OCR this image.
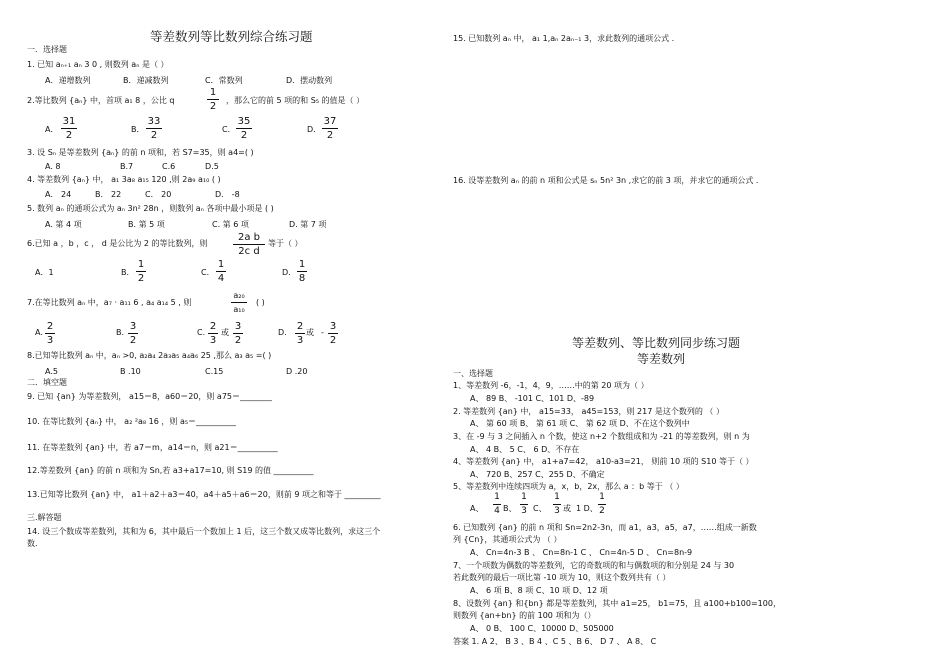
等差数列等比数列综合练习题
一．选择题
1. 已知 aₙ₊₁ aₙ 3 0 , 则数列 aₙ 是（ ）
A．递增数列	B．递减数列	C．常数列	D．摆动数列
2.等比数列 {aₙ} 中，首项 a₁ 8 ，公比 q
1
2
，那么它的前 5 项的和 S₅ 的值是（ ）
A．
31
2
B．
33
2
C．
35
2
D．
37
2
3. 设 Sₙ 是等差数列 {aₙ} 的前 n 项和，若 S7=35，则 a4=( )
A. 8	B.7	C.6	D.5
4. 等差数列 {aₙ} 中， a₁ 3a₈ a₁₅ 120 ,则 2a₉ a₁₀ ( )
A． 24	B． 22	C． 20	D． -8
5. 数列 aₙ 的通项公式为 aₙ 3n² 28n ，则数列 aₙ 各项中最小项是 ( )
A. 第 4 项	B. 第 5 项	C. 第 6 项	D. 第 7 项
6.已知 a ，b ，c ， d 是公比为 2 的等比数列，则
2a b
2c d
等于（ ）
A．1	B．
1
2
C．
1
4
D．
1
8
7.在等比数列 aₙ 中，a₇ · a₁₁ 6 , a₄ a₁₄ 5 , 则
a₂₀
a₁₀
( )
A.
2
3
B.
3
2
C.
2
3
或
3
2
D.
2
3
或 -
3
2
8.已知等比数列 aₙ 中，aₙ >0, a₂a₄ 2a₃a₅ a₄a₆ 25 ,那么 a₃ a₅ =( )
A.5	B .10	C.15	D .20
二．填空题
9. 已知 {an} 为等差数列， a15＝8，a60＝20，则 a75＝________
10. 在等比数列 {aₙ} 中， a₂ ²a₈ 16 ，则 a₅＝__________
11. 在等差数列 {an} 中，若 a7＝m，a14＝n，则 a21＝__________
12.等差数列 {an} 的前 n 项和为 Sn,若 a3+a17=10, 则 S19 的值 __________
13.已知等比数列 {an} 中， a1＋a2＋a3＝40，a4＋a5＋a6＝20，则前 9 项之和等于 _________
三.解答题
14. 设三个数成等差数列，其和为 6，其中最后一个数加上 1 后，这三个数又成等比数列，求这三个
数.
15. 已知数列 aₙ 中， a₁ 1,aₙ 2aₙ₋₁ 3，求此数列的通项公式 .
16. 设等差数列 aₙ 的前 n 项和公式是 sₙ 5n² 3n ,求它的前 3 项，并求它的通项公式 .
等差数列、等比数列同步练习题
等差数列
一、选择题
1、等差数列 -6，-1，4，9，……中的第 20 项为（ ）
A、 89 B、 -101 C、101 D、-89
2. 等差数列 {an} 中， a15=33， a45=153，则 217 是这个数列的 （ ）
A、 第 60 项 B、 第 61 项 C、 第 62 项 D、不在这个数列中
3、在 -9 与 3 之间插入 n 个数，使这 n+2 个数组成和为 -21 的等差数列，则 n 为
A、 4 B、 5 C、 6 D、不存在
4、等差数列 {an} 中， a1+a7=42， a10-a3=21， 则前 10 项的 S10 等于（ ）
A、 720 B、257 C、255 D、不确定
5、等差数列中连续四项为 a，x，b，2x，那么 a ：b 等于 （ ）
A、
1
4 B、
1
3 C、
1
3 或 1 D、
1
2
6. 已知数列 {an} 的前 n 项和 Sn=2n2-3n，而 a1，a3，a5，a7，……组成一新数
列 {Cn}，其通项公式为 （ ）
A、 Cn=4n-3 B 、 Cn=8n-1 C 、 Cn=4n-5 D 、 Cn=8n-9
7、一个项数为偶数的等差数列，它的奇数项的和与偶数项的和分别是 24 与 30
若此数列的最后一项比第 -10 项为 10，则这个数列共有（ ）
A、 6 项 B、8 项 C、10 项 D、12 项
8、设数列 {an} 和{bn} 都是等差数列，其中 a1=25， b1=75，且 a100+b100=100，
则数列 {an+bn} 的前 100 项和为（）
A、 0 B、 100 C、10000 D、505000
答案 1. A 2、 B 3 、B 4 、C 5 、B 6、 D 7 、 A 8、 C
